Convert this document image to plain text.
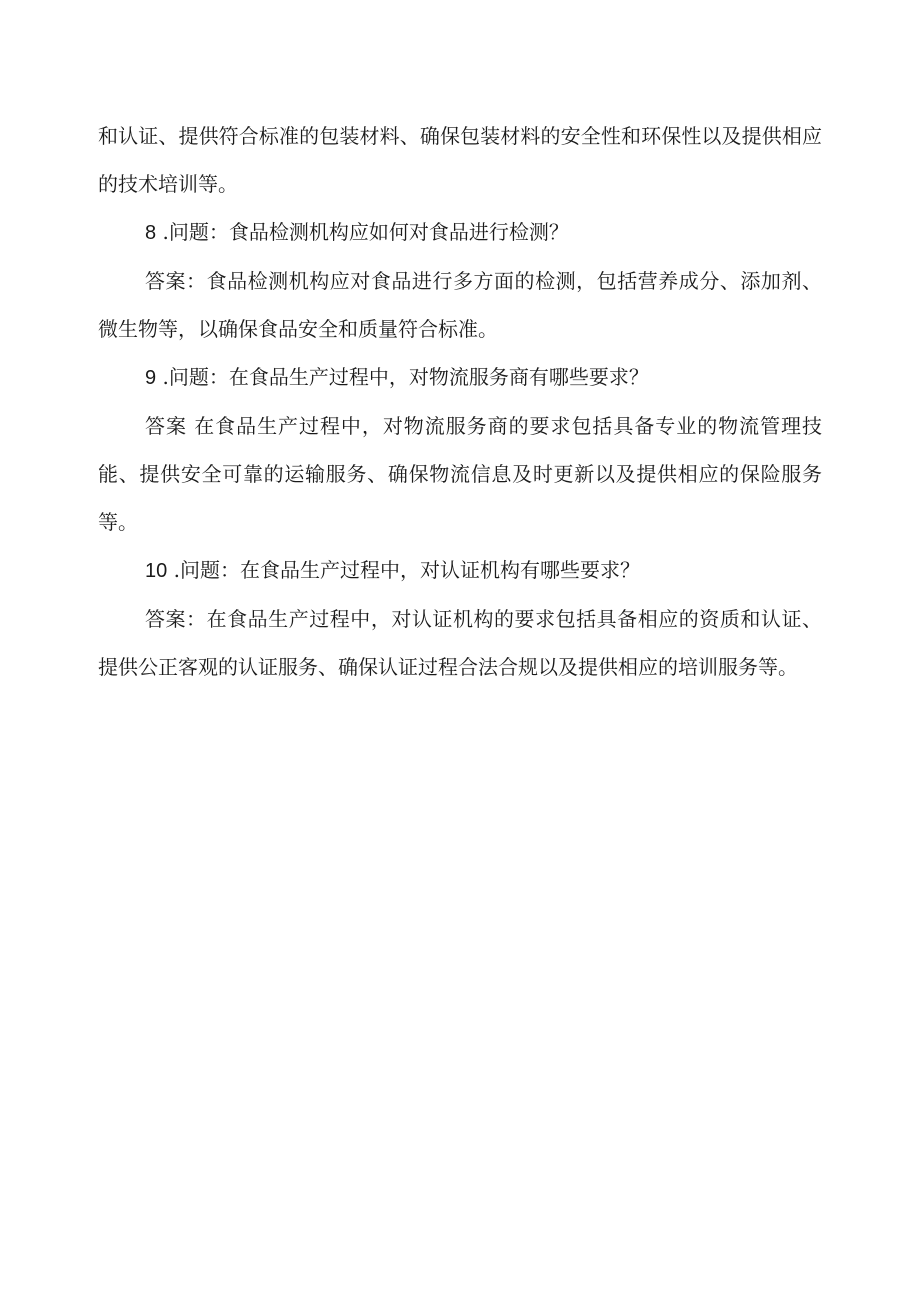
和认证、提供符合标准的包装材料、确保包装材料的安全性和环保性以及提供相应的技术培训等。

8 .问题：食品检测机构应如何对食品进行检测？

答案：食品检测机构应对食品进行多方面的检测，包括营养成分、添加剂、微生物等，以确保食品安全和质量符合标准。

9 .问题：在食品生产过程中，对物流服务商有哪些要求？

答案 在食品生产过程中，对物流服务商的要求包括具备专业的物流管理技能、提供安全可靠的运输服务、确保物流信息及时更新以及提供相应的保险服务等。

10 .问题：在食品生产过程中，对认证机构有哪些要求？

答案：在食品生产过程中，对认证机构的要求包括具备相应的资质和认证、提供公正客观的认证服务、确保认证过程合法合规以及提供相应的培训服务等。
